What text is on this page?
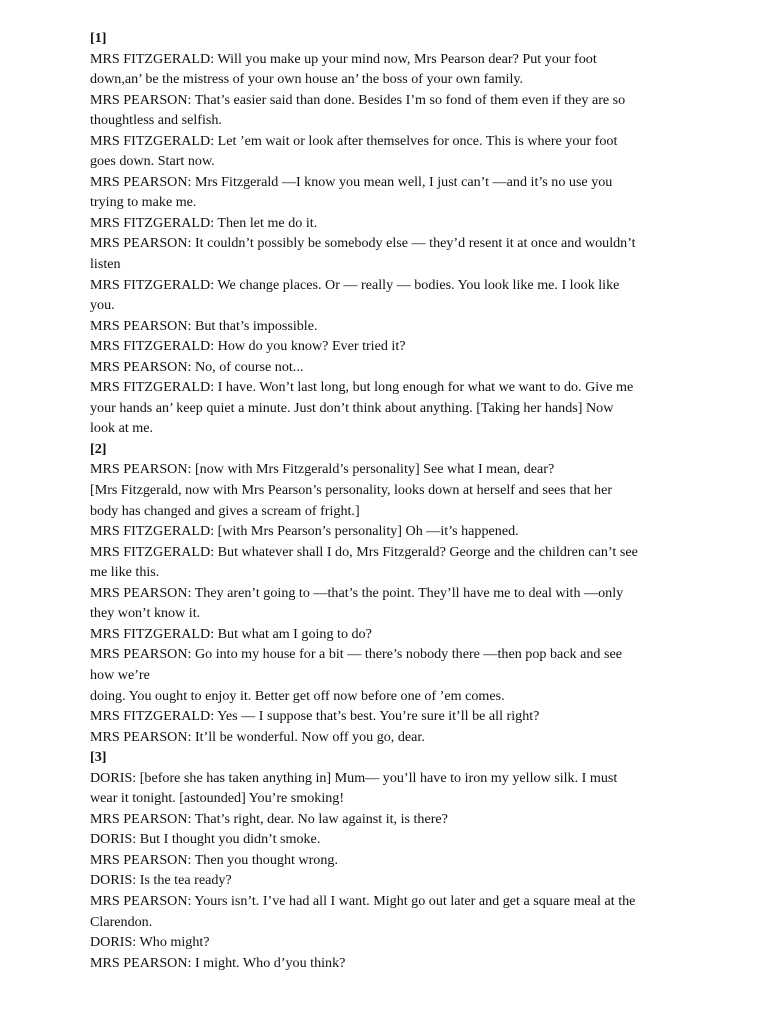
[1]

MRS FITZGERALD: Will you make up your mind now, Mrs Pearson dear? Put your foot

down,an’ be the mistress of your own house an’ the boss of your own family.

MRS PEARSON: That’s easier said than done. Besides I’m so fond of them even if they are so

thoughtless and selfish.

MRS FITZGERALD: Let ’em wait or look after themselves for once. This is where your foot

goes down. Start now.

MRS PEARSON: Mrs Fitzgerald —I know you mean well, I just can’t —and it’s no use you

trying to make me.

MRS FITZGERALD: Then let me do it.

MRS PEARSON: It couldn’t possibly be somebody else — they’d resent it at once and wouldn’t

listen

MRS FITZGERALD: We change places. Or — really — bodies. You look like me. I look like

you.

MRS PEARSON: But that’s impossible.

MRS FITZGERALD: How do you know? Ever tried it?

MRS PEARSON: No, of course not...

MRS FITZGERALD: I have. Won’t last long, but long enough for what we want to do. Give me

your hands an’ keep quiet a minute. Just don’t think about anything. [Taking her hands] Now

look at me.

[2]

MRS PEARSON: [now with Mrs Fitzgerald’s personality] See what I mean, dear?

[Mrs Fitzgerald, now with Mrs Pearson’s personality, looks down at herself and sees that her

body has changed and gives a scream of fright.]

MRS FITZGERALD: [with Mrs Pearson’s personality] Oh —it’s happened.

MRS FITZGERALD: But whatever shall I do, Mrs Fitzgerald? George and the children can’t see

me like this.

MRS PEARSON: They aren’t going to —that’s the point. They’ll have me to deal with —only

they won’t know it.

MRS FITZGERALD: But what am I going to do?

MRS PEARSON: Go into my house for a bit — there’s nobody there —then pop back and see

how we’re

doing. You ought to enjoy it. Better get off now before one of ’em comes.

MRS FITZGERALD: Yes — I suppose that’s best. You’re sure it’ll be all right?

MRS PEARSON: It’ll be wonderful. Now off you go, dear.

[3]

DORIS: [before she has taken anything in] Mum— you’ll have to iron my yellow silk. I must

wear it tonight. [astounded] You’re smoking!

MRS PEARSON: That’s right, dear. No law against it, is there?

DORIS: But I thought you didn’t smoke.

MRS PEARSON: Then you thought wrong.

DORIS: Is the tea ready?

MRS PEARSON: Yours isn’t. I’ve had all I want. Might go out later and get a square meal at the

Clarendon.

DORIS: Who might?

MRS PEARSON: I might. Who d’you think?
